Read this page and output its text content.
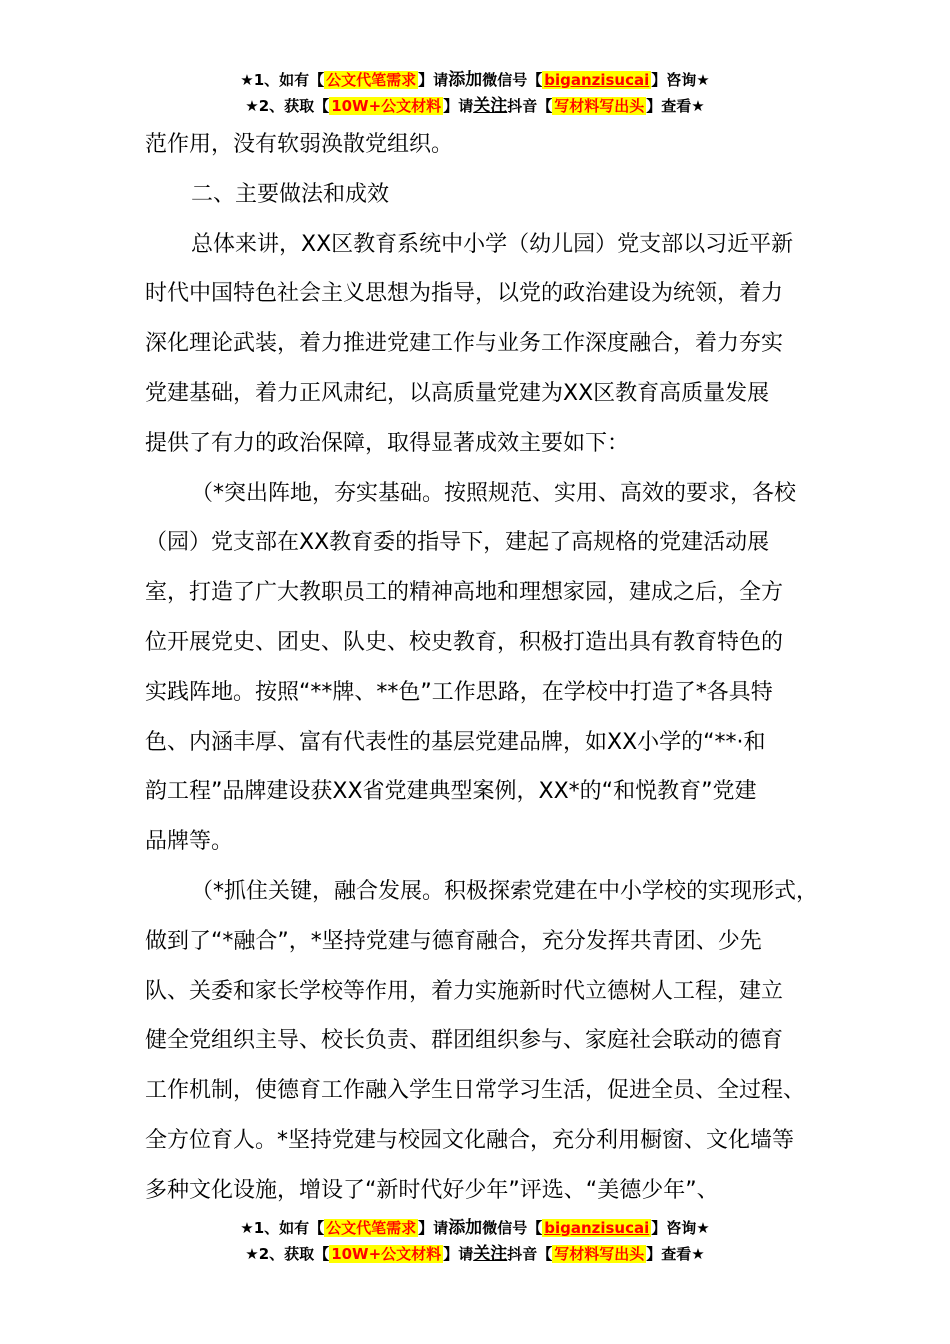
★1、如有【 公文代笔需求 】请添加微信号【 biganzisucai 】咨询★
★2、获取【 10W+公文材料 】请关注抖音【 写材料写出头 】查看★
范作用，没有软弱涣散党组织。
二、主要做法和成效
总体来讲，XX区教育系统中小学（幼儿园）党支部以习近平新
时代中国特色社会主义思想为指导，以党的政治建设为统领，着力
深化理论武装，着力推进党建工作与业务工作深度融合，着力夯实
党建基础，着力正风肃纪，以高质量党建为XX区教育高质量发展
提供了有力的政治保障，取得显著成效主要如下：
（*突出阵地，夯实基础。按照规范、实用、高效的要求，各校
（园）党支部在XX教育委的指导下，建起了高规格的党建活动展
室，打造了广大教职员工的精神高地和理想家园，建成之后，全方
位开展党史、团史、队史、校史教育，积极打造出具有教育特色的
实践阵地。按照“**牌、**色”工作思路，在学校中打造了*各具特
色、内涵丰厚、富有代表性的基层党建品牌，如XX小学的“**·和
韵工程”品牌建设获XX省党建典型案例，XX*的“和悦教育”党建
品牌等。
（*抓住关键，融合发展。积极探索党建在中小学校的实现形式，
做到了“*融合”，*坚持党建与德育融合，充分发挥共青团、少先
队、关委和家长学校等作用，着力实施新时代立德树人工程，建立
健全党组织主导、校长负责、群团组织参与、家庭社会联动的德育
工作机制，使德育工作融入学生日常学习生活，促进全员、全过程、
全方位育人。*坚持党建与校园文化融合，充分利用橱窗、文化墙等
多种文化设施，增设了“新时代好少年”评选、“美德少年”、
★1、如有【 公文代笔需求 】请添加微信号【 biganzisucai 】咨询★
★2、获取【 10W+公文材料 】请关注抖音【 写材料写出头 】查看★
